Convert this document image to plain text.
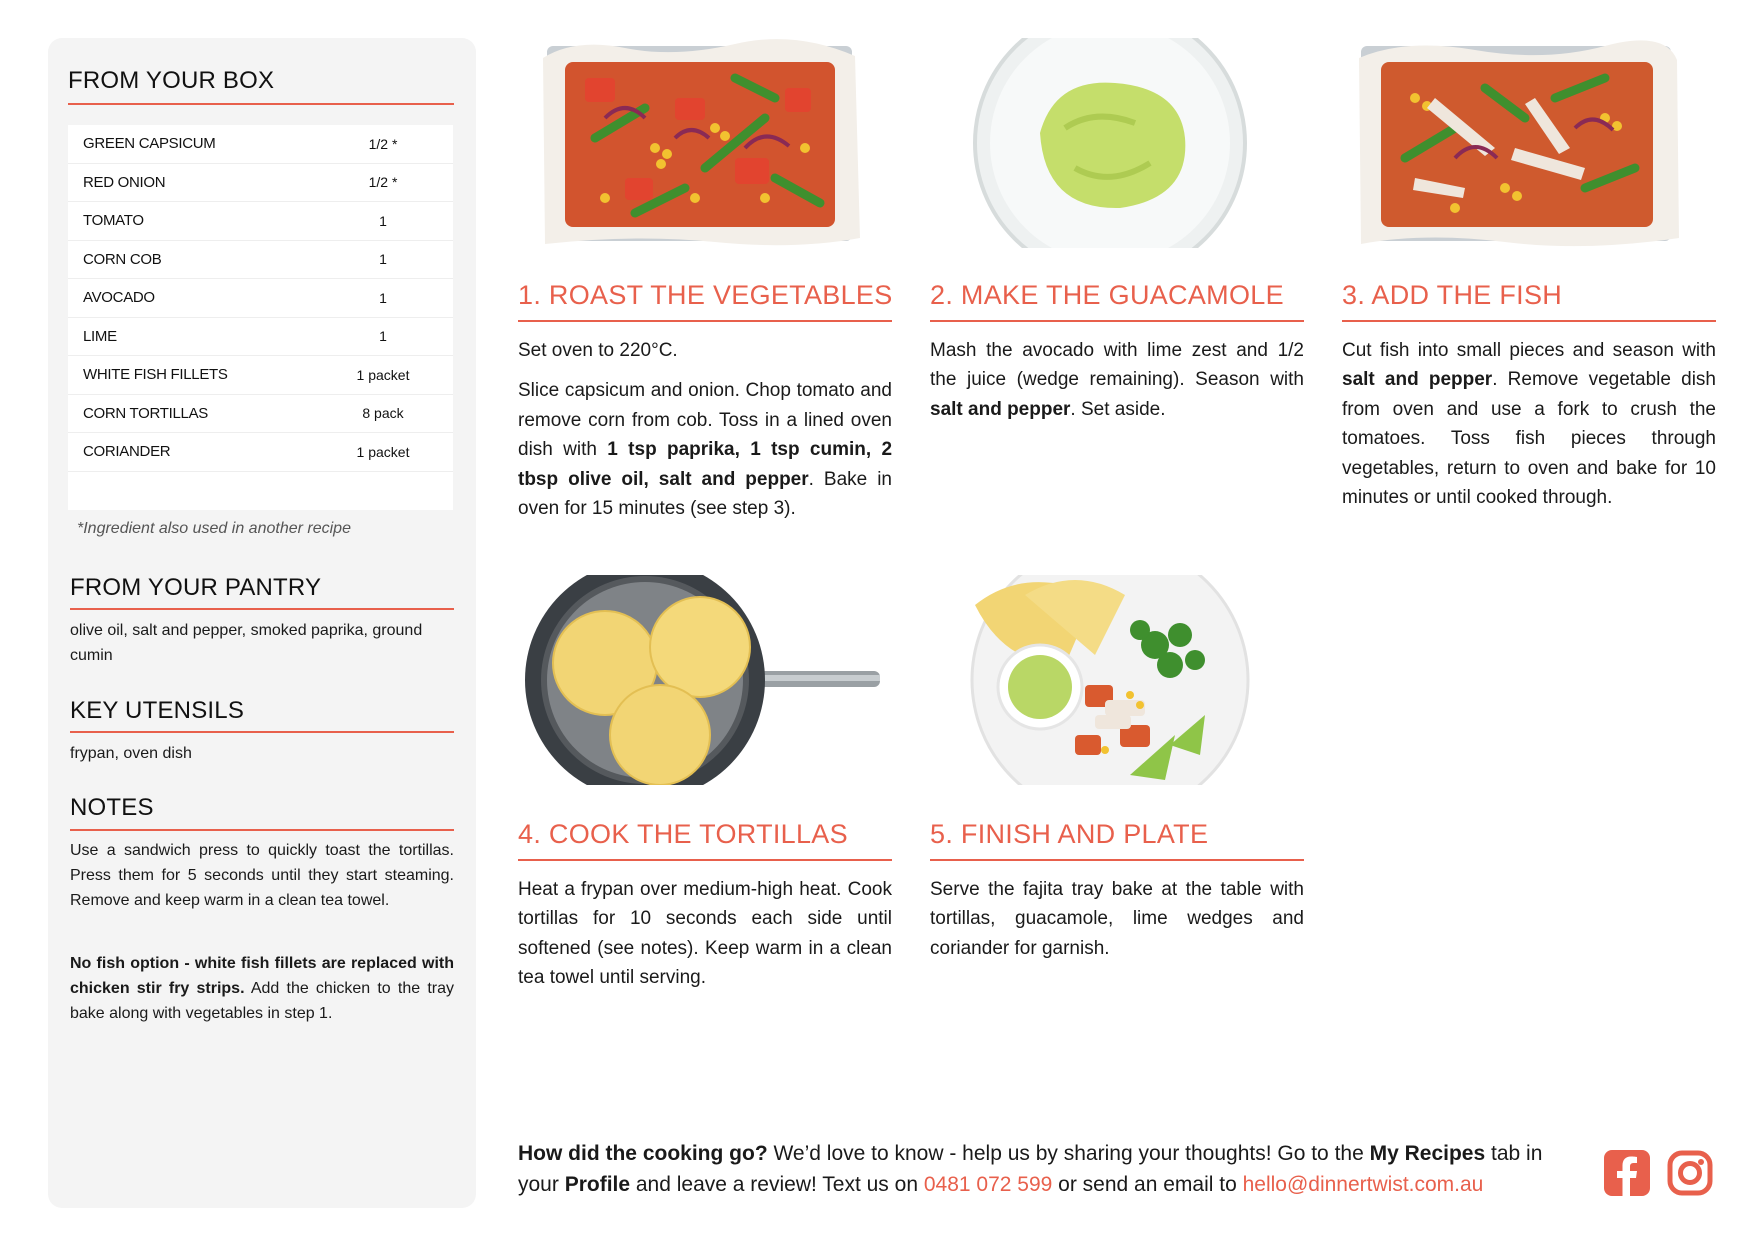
FROM YOUR BOX
GREEN CAPSICUM	1/2 *
RED ONION	1/2 *
TOMATO	1
CORN COB	1
AVOCADO	1
LIME	1
WHITE FISH FILLETS	1 packet
CORN TORTILLAS	8 pack
CORIANDER	1 packet
*Ingredient also used in another recipe
FROM YOUR PANTRY
olive oil, salt and pepper, smoked paprika, ground cumin
KEY UTENSILS
frypan, oven dish
NOTES
Use a sandwich press to quickly toast the tortillas. Press them for 5 seconds until they start steaming. Remove and keep warm in a clean tea towel.
No fish option - white fish fillets are replaced with chicken stir fry strips. Add the chicken to the tray bake along with vegetables in step 1.
1. ROAST THE VEGETABLES

Set oven to 220°C.

Slice capsicum and onion. Chop tomato and remove corn from cob. Toss in a lined oven dish with 1 tsp paprika, 1 tsp cumin, 2 tbsp olive oil, salt and pepper. Bake in oven for 15 minutes (see step 3).

2. MAKE THE GUACAMOLE

Mash the avocado with lime zest and 1/2 the juice (wedge remaining). Season with salt and pepper. Set aside.

3. ADD THE FISH

Cut fish into small pieces and season with salt and pepper. Remove vegetable dish from oven and use a fork to crush the tomatoes. Toss fish pieces through vegetables, return to oven and bake for 10 minutes or until cooked through.

4. COOK THE TORTILLAS

Heat a frypan over medium-high heat. Cook tortillas for 10 seconds each side until softened (see notes). Keep warm in a clean tea towel until serving.

5. FINISH AND PLATE

Serve the fajita tray bake at the table with tortillas, guacamole, lime wedges and coriander for garnish.

How did the cooking go? We’d love to know - help us by sharing your thoughts! Go to the My Recipes tab in your Profile and leave a review! Text us on 0481 072 599 or send an email to hello@dinnertwist.com.au
